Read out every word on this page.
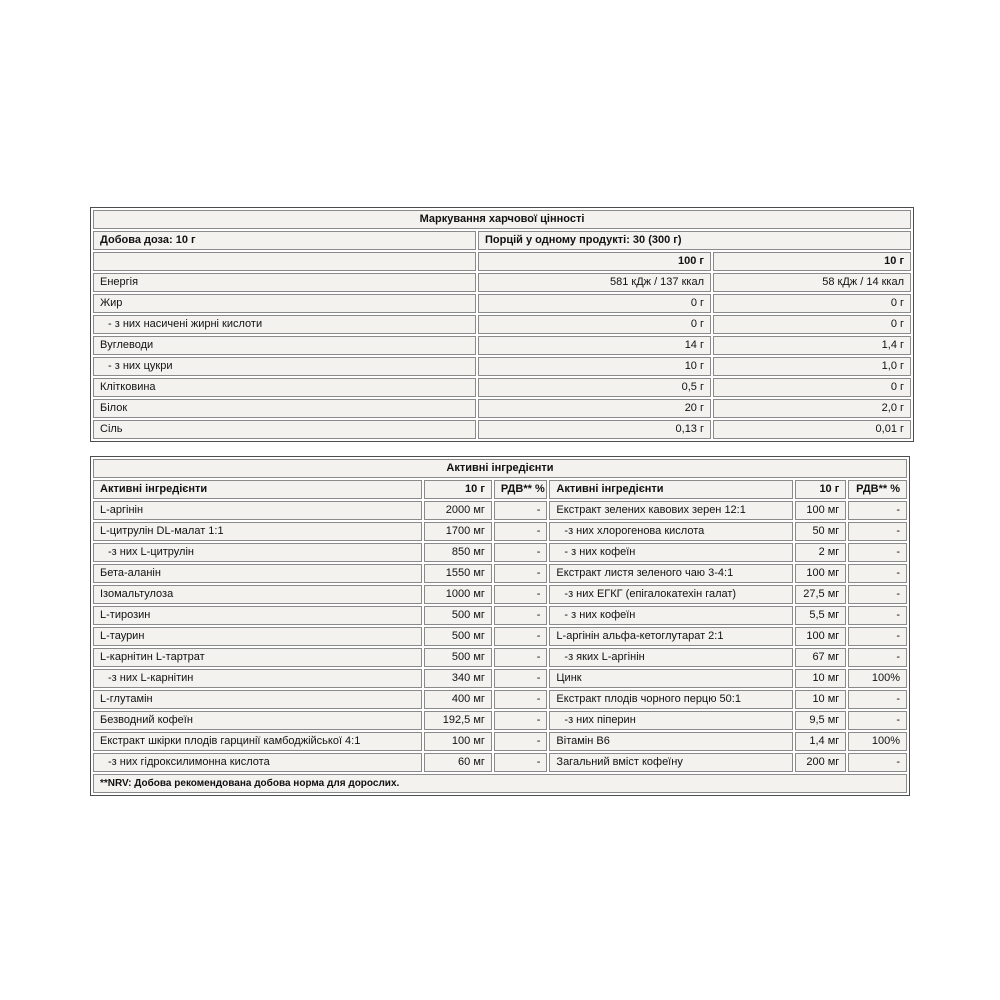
Маркування харчової цінності		
Добова доза: 10 г	Порцій у одному продукті: 30 (300 г)	
	100 г	10 г
Енергія	581 кДж / 137 ккал	58 кДж / 14 ккал
Жир	0 г	0 г
- з них насичені жирні кислоти	0 г	0 г
Вуглеводи	14 г	1,4 г
- з них цукри	10 г	1,0 г
Клітковина	0,5 г	0 г
Білок	20 г	2,0 г
Сіль	0,13 г	0,01 г
Активні інгредієнти					
Активні інгредієнти	10 г	РДВ** %	Активні інгредієнти	10 г	РДВ** %
L-аргінін	2000 мг	-	Екстракт зелених кавових зерен 12:1	100 мг	-
L-цитрулін DL-малат 1:1	1700 мг	-	-з них хлорогенова кислота	50 мг	-
-з них L-цитрулін	850 мг	-	- з них кофеїн	2 мг	-
Бета-аланін	1550 мг	-	Екстракт листя зеленого чаю 3-4:1	100 мг	-
Ізомальтулоза	1000 мг	-	-з них ЕГКГ (епігалокатехін галат)	27,5 мг	-
L-тирозин	500 мг	-	- з них кофеїн	5,5 мг	-
L-таурин	500 мг	-	L-аргінін альфа-кетоглутарат 2:1	100 мг	-
L-карнітин L-тартрат	500 мг	-	-з яких L-аргінін	67 мг	-
-з них L-карнітин	340 мг	-	Цинк	10 мг	100%
L-глутамін	400 мг	-	Екстракт плодів чорного перцю 50:1	10 мг	-
Безводний кофеїн	192,5 мг	-	-з них піперин	9,5 мг	-
Екстракт шкірки плодів гарцинії камбоджійської 4:1	100 мг	-	Вітамін В6	1,4 мг	100%
-з них гідроксилимонна кислота	60 мг	-	Загальний вміст кофеїну	200 мг	-
**NRV: Добова рекомендована добова норма для дорослих.					
